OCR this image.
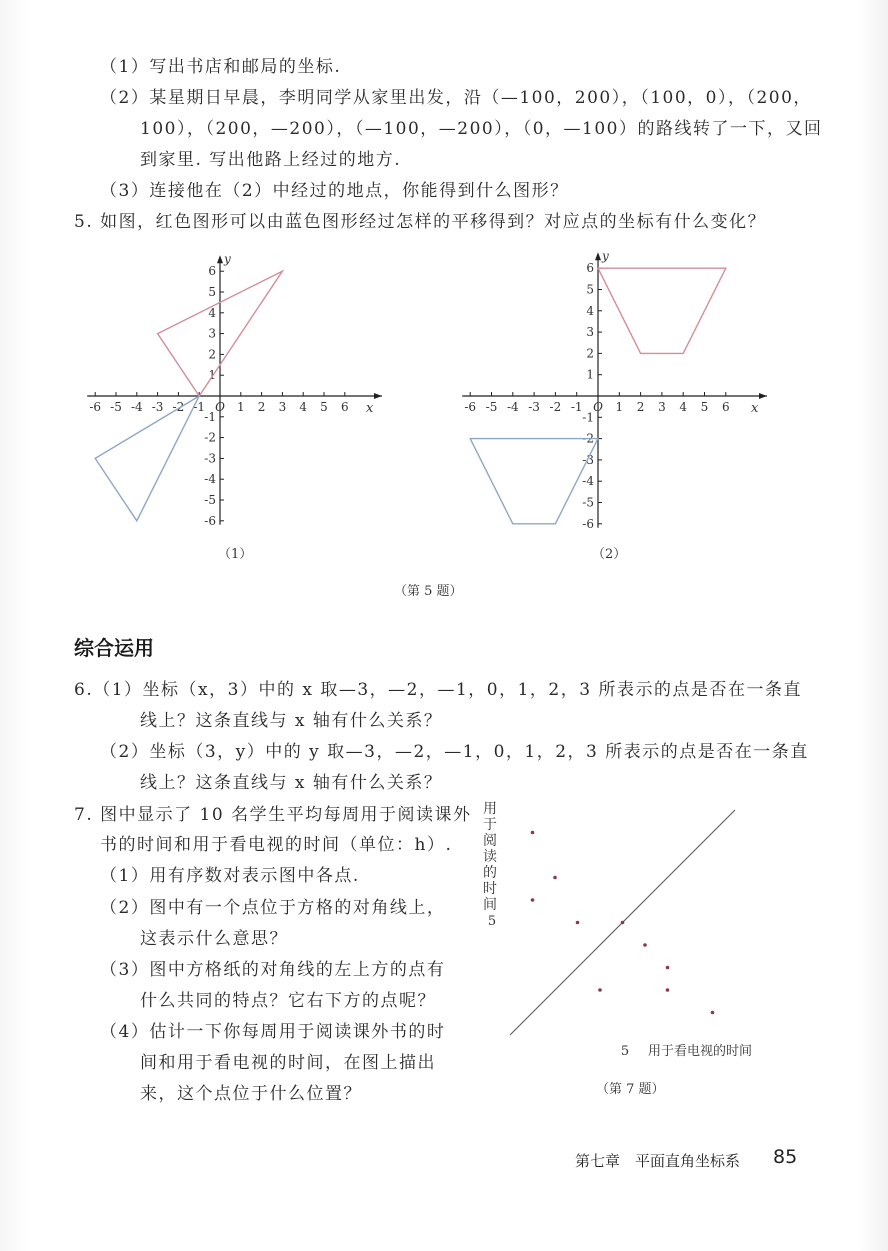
（1）写出书店和邮局的坐标.
（2）某星期日早晨，李明同学从家里出发，沿（—100，200），（100，0），（200，
100），（200，—200），（—100，—200），（0，—100）的路线转了一下，又回
到家里. 写出他路上经过的地方.
（3）连接他在（2）中经过的地点，你能得到什么图形？
5. 如图，红色图形可以由蓝色图形经过怎样的平移得到？对应点的坐标有什么变化？
y
x
-6 -5 -4 -3 -2 -1 O 1 2 3 4 5 6
-6
-5
-4
-3
-2
-1
1
2
3
4
5
6
（1）
y
x
-6 -5 -4 -3 -2 -1 O 1 2 3 4 5 6
-6
-5
-4
-3
-2
-1
1
2
3
4
5
6
（2）
（第 5 题）
综合运用
6.（1）坐标（x，3）中的 x 取—3，—2，—1，0，1，2，3 所表示的点是否在一条直
线上？这条直线与 x 轴有什么关系？
（2）坐标（3，y）中的 y 取—3，—2，—1，0，1，2，3 所表示的点是否在一条直
线上？这条直线与 x 轴有什么关系？
7. 图中显示了 10 名学生平均每周用于阅读课外
书的时间和用于看电视的时间（单位：h）.
（1）用有序数对表示图中各点.
（2）图中有一个点位于方格的对角线上，
这表示什么意思？
（3）图中方格纸的对角线的左上方的点有
什么共同的特点？它右下方的点呢？
（4）估计一下你每周用于阅读课外书的时
间和用于看电视的时间，在图上描出
来，这个点位于什么位置？
用
于
阅
读
的
时
间
5
5 用于看电视的时间
（第 7 题）
第七章　平面直角坐标系 85
